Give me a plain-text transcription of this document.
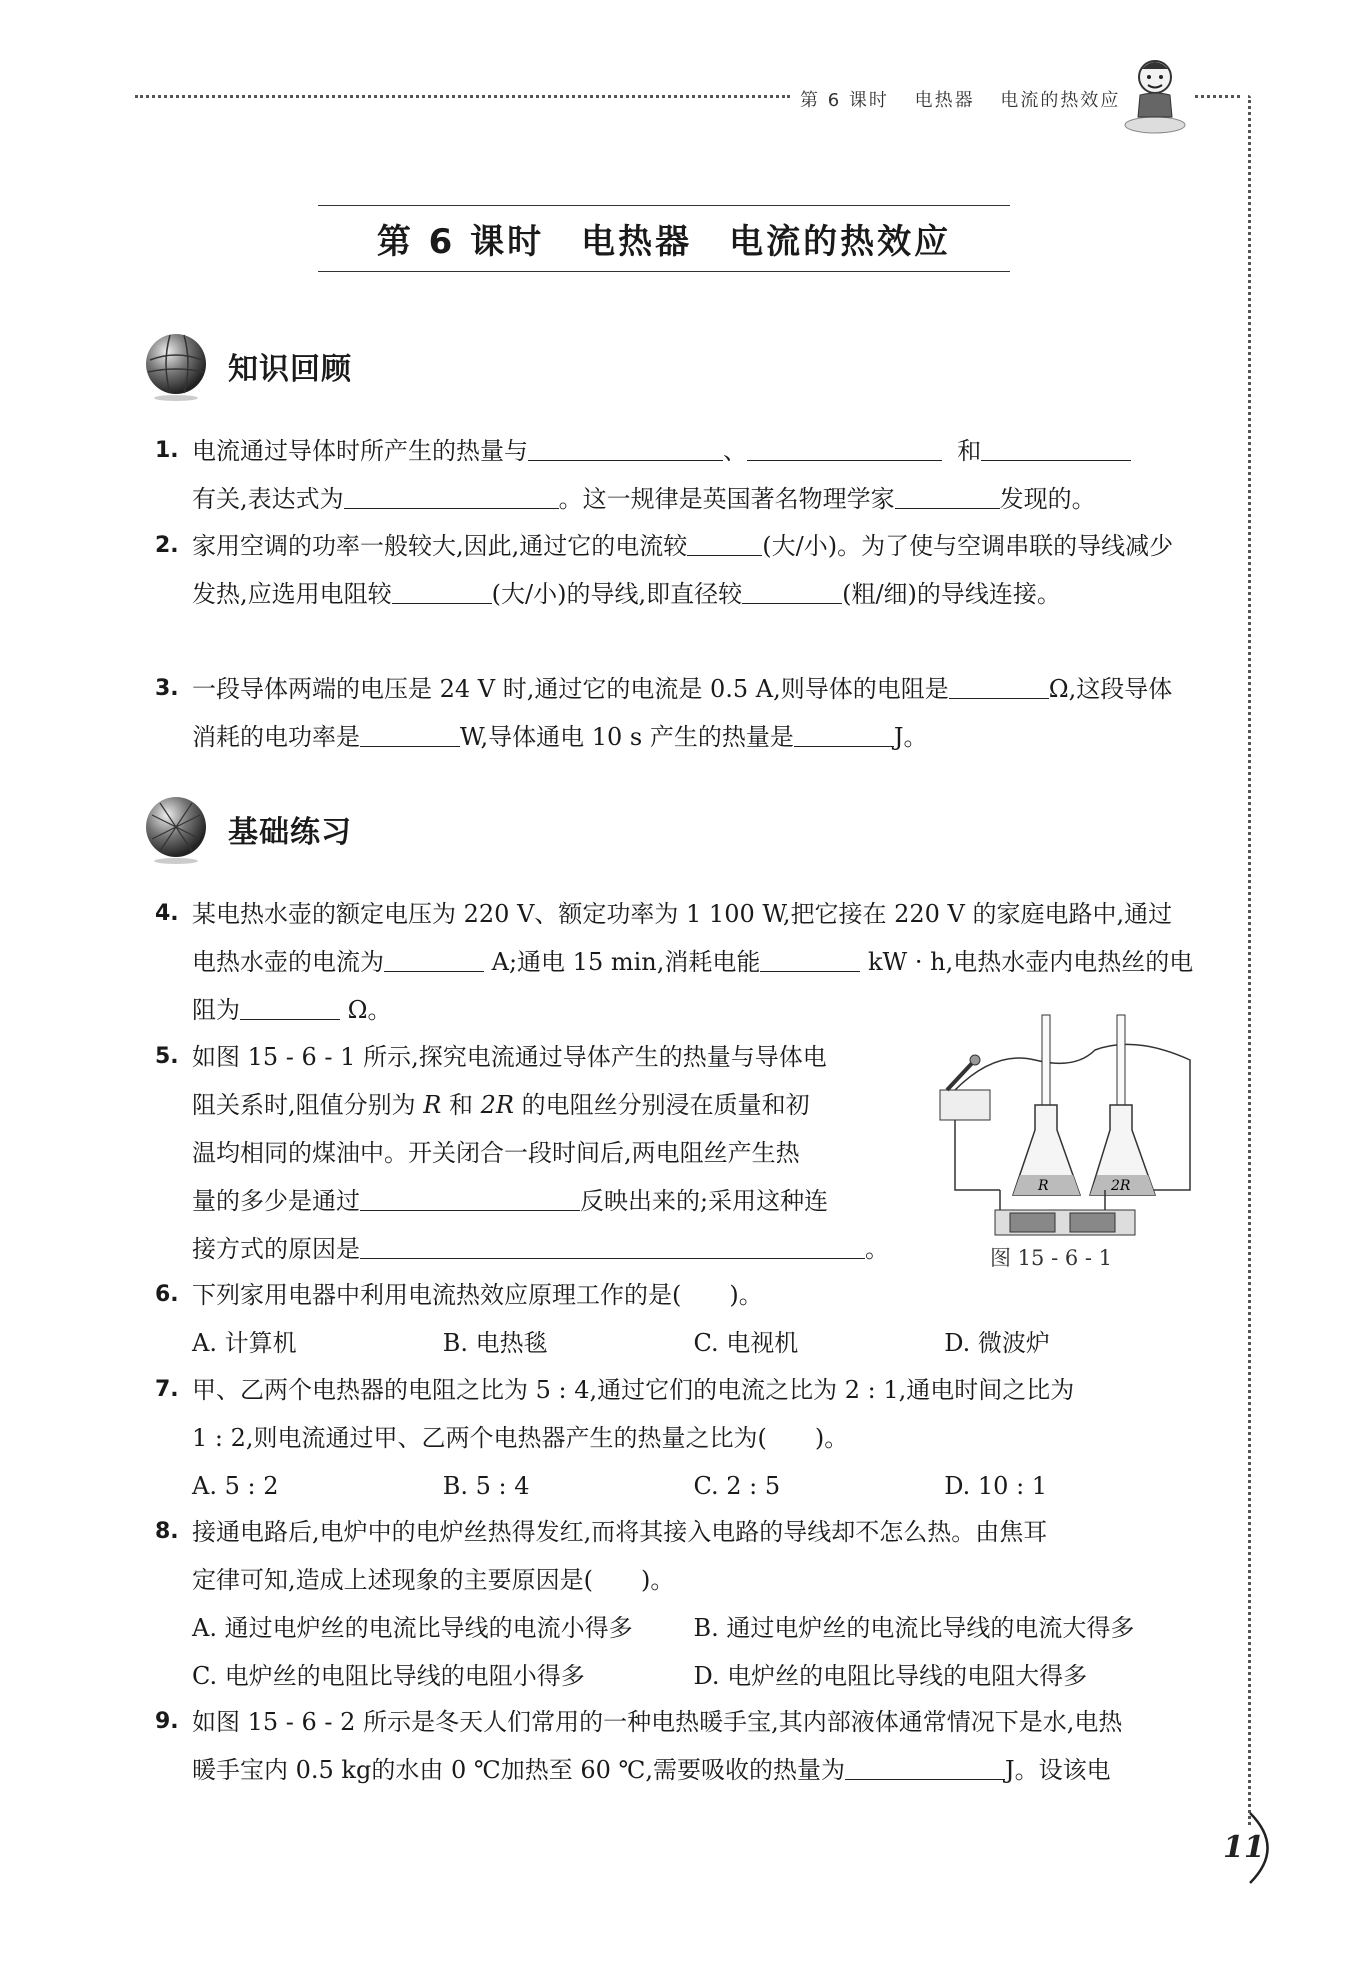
第 6 课时 电热器 电流的热效应
第 6 课时　电热器　电流的热效应
知识回顾
1. 电流通过导体时所产生的热量与	、	和
有关,表达式为	。这一规律是英国著名物理学家	发现的。
2. 家用空调的功率一般较大,因此,通过它的电流较	(大/小)。为了使与空调串联的导线减少发热,应选用电阻较	(大/小)的导线,即直径较	(粗/细)的导线连接。
3. 一段导体两端的电压是 24 V 时,通过它的电流是 0.5 A,则导体的电阻是	Ω,这段导体消耗的电功率是	W,导体通电 10 s 产生的热量是	J。
基础练习
4. 某电热水壶的额定电压为 220 V、额定功率为 1 100 W,把它接在 220 V 的家庭电路中,通过电热水壶的电流为	A;通电 15 min,消耗电能	kW · h,电热水壶内电热丝的电阻为	Ω。
5. 如图 15 - 6 - 1 所示,探究电流通过导体产生的热量与导体电
阻关系时,阻值分别为 R 和 2R 的电阻丝分别浸在质量和初
温均相同的煤油中。开关闭合一段时间后,两电阻丝产生热
量的多少是通过	反映出来的;采用这种连
接方式的原因是	。
R	2R
图 15 - 6 - 1
6. 下列家用电器中利用电流热效应原理工作的是(　　)。
A. 计算机	B. 电热毯	C. 电视机	D. 微波炉
7. 甲、乙两个电热器的电阻之比为 5 : 4,通过它们的电流之比为 2 : 1,通电时间之比为
1 : 2,则电流通过甲、乙两个电热器产生的热量之比为(　　)。
A. 5 : 2	B. 5 : 4	C. 2 : 5	D. 10 : 1
8. 接通电路后,电炉中的电炉丝热得发红,而将其接入电路的导线却不怎么热。由焦耳
定律可知,造成上述现象的主要原因是(　　)。
A. 通过电炉丝的电流比导线的电流小得多	B. 通过电炉丝的电流比导线的电流大得多
C. 电炉丝的电阻比导线的电阻小得多	D. 电炉丝的电阻比导线的电阻大得多
9. 如图 15 - 6 - 2 所示是冬天人们常用的一种电热暖手宝,其内部液体通常情况下是水,电热
暖手宝内 0.5 kg的水由 0 ℃加热至 60 ℃,需要吸收的热量为	J。设该电
11
